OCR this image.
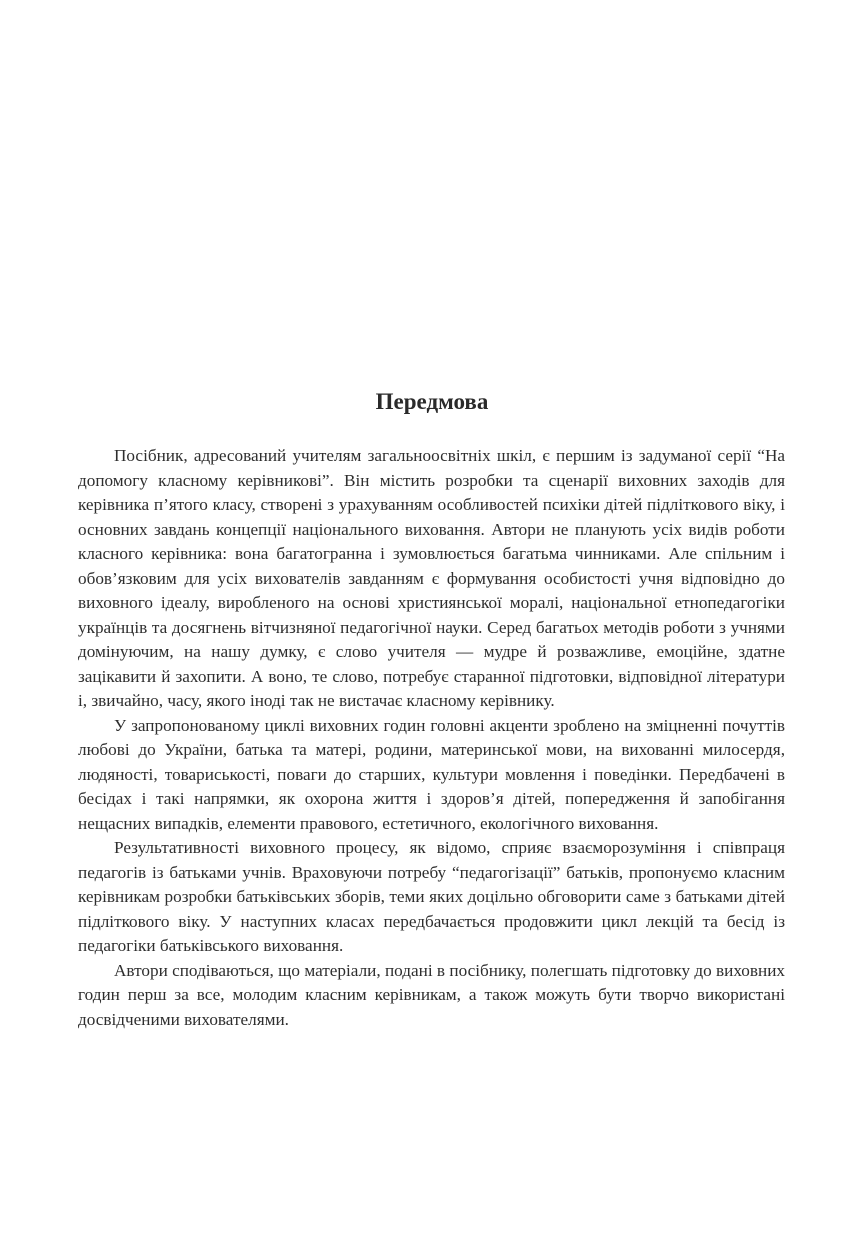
Передмова

Посібник, адресований учителям загальноосвітніх шкіл, є першим із задуманої серії “На допомогу класному керівникові”. Він містить розробки та сценарії виховних заходів для керівника п’ятого класу, створені з урахуванням особливостей психіки дітей підліткового віку, і основних завдань концепції національного виховання. Автори не планують усіх видів роботи класного керівника: вона багатогранна і зумовлюється багатьма чинниками. Але спільним і обов’язковим для усіх вихователів завданням є формування особистості учня відповідно до виховного ідеалу, виробленого на основі християнської моралі, національної етнопедагогіки українців та досягнень вітчизняної педагогічної науки. Серед багатьох методів роботи з учнями домінуючим, на нашу думку, є слово учителя — мудре й розважливе, емоційне, здатне зацікавити й захопити. А воно, те слово, потребує старанної підготовки, відповідної літератури і, звичайно, часу, якого іноді так не вистачає класному керівнику.

У запропонованому циклі виховних годин головні акценти зроблено на зміцненні почуттів любові до України, батька та матері, родини, материнської мови, на вихованні милосердя, людяності, товариськості, поваги до старших, культури мовлення і поведінки. Передбачені в бесідах і такі напрямки, як охорона життя і здоров’я дітей, попередження й запобігання нещасних випадків, елементи правового, естетичного, екологічного виховання.

Результативності виховного процесу, як відомо, сприяє взаєморозуміння і співпраця педагогів із батьками учнів. Враховуючи потребу “педагогізації” батьків, пропонуємо класним керівникам розробки батьківських зборів, теми яких доцільно обговорити саме з батьками дітей підліткового віку. У наступних класах передбачається продовжити цикл лекцій та бесід із педагогіки батьківського виховання.

Автори сподіваються, що матеріали, подані в посібнику, полегшать підготовку до виховних годин перш за все, молодим класним керівникам, а також можуть бути творчо використані досвідченими вихователями.
